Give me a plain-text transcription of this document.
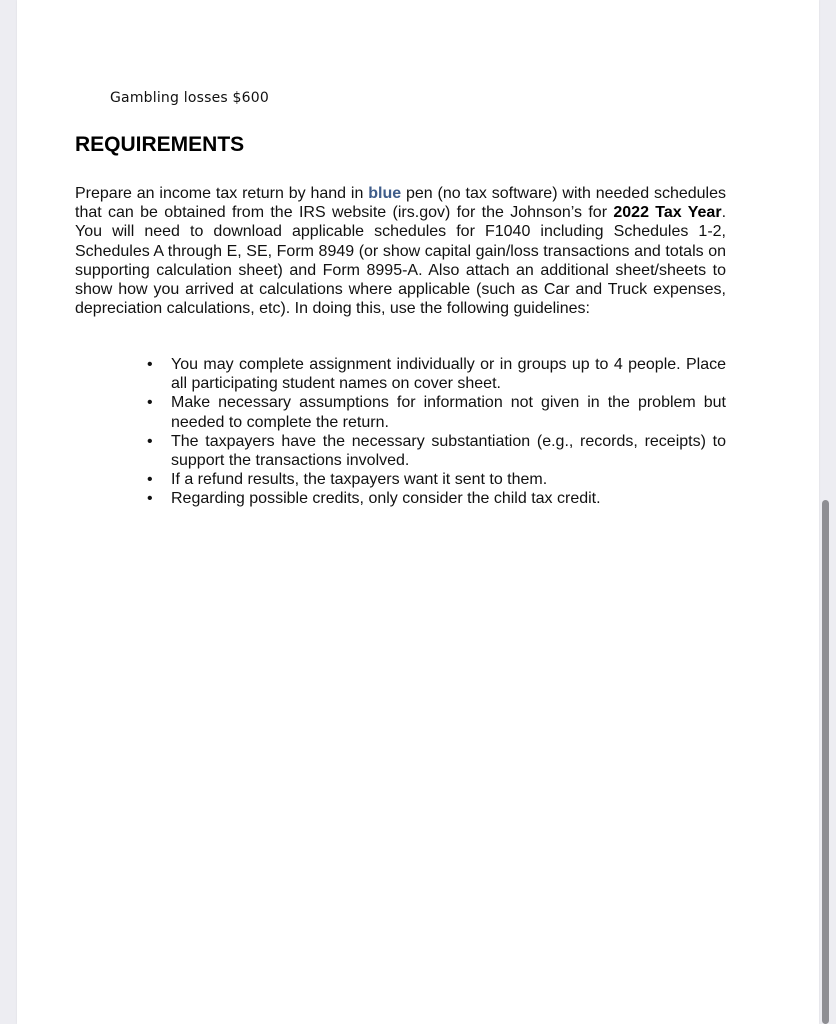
Gambling losses $600
REQUIREMENTS

Prepare an income tax return by hand in blue pen (no tax software) with needed schedules that can be obtained from the IRS website (irs.gov) for the Johnson’s for 2022 Tax Year. You will need to download applicable schedules for F1040 including Schedules 1-2, Schedules A through E, SE, Form 8949 (or show capital gain/loss transactions and totals on supporting calculation sheet) and Form 8995-A. Also attach an additional sheet/sheets to show how you arrived at calculations where applicable (such as Car and Truck expenses, depreciation calculations, etc). In doing this, use the following guidelines:

• You may complete assignment individually or in groups up to 4 people. Place all participating student names on cover sheet.
• Make necessary assumptions for information not given in the problem but needed to complete the return.
• The taxpayers have the necessary substantiation (e.g., records, receipts) to support the transactions involved.
• If a refund results, the taxpayers want it sent to them.
• Regarding possible credits, only consider the child tax credit.
